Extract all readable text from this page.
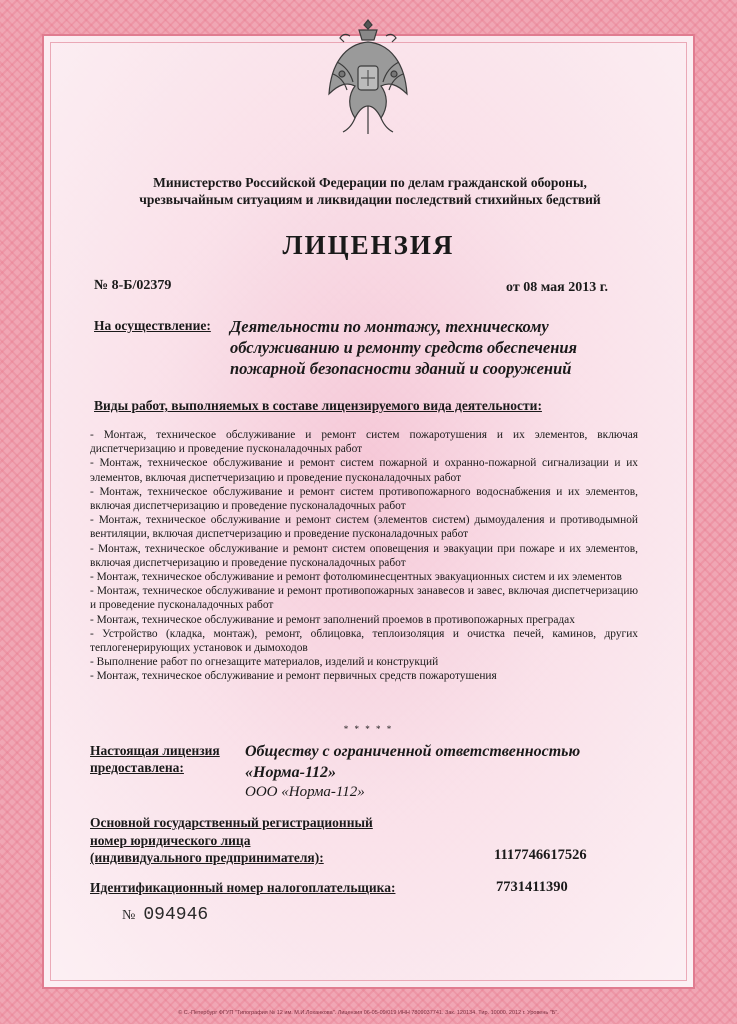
Министерство Российской Федерации по делам гражданской обороны,
чрезвычайным ситуациям и ликвидации последствий стихийных бедствий
ЛИЦЕНЗИЯ
№ 8-Б/02379	от 08 мая 2013 г.
На осуществление: Деятельности по монтажу, техническому обслуживанию и ремонту средств обеспечения пожарной безопасности зданий и сооружений
Виды работ, выполняемых в составе лицензируемого вида деятельности:
- Монтаж, техническое обслуживание и ремонт систем пожаротушения и их элементов, включая диспетчеризацию и проведение пусконаладочных работ
- Монтаж, техническое обслуживание и ремонт систем пожарной и охранно-пожарной сигнализации и их элементов, включая диспетчеризацию и проведение пусконаладочных работ
- Монтаж, техническое обслуживание и ремонт систем противопожарного водоснабжения и их элементов, включая диспетчеризацию и проведение пусконаладочных работ
- Монтаж, техническое обслуживание и ремонт систем (элементов систем) дымоудаления и противодымной вентиляции, включая диспетчеризацию и проведение пусконаладочных работ
- Монтаж, техническое обслуживание и ремонт систем оповещения и эвакуации при пожаре и их элементов, включая диспетчеризацию и проведение пусконаладочных работ
- Монтаж, техническое обслуживание и ремонт фотолюминесцентных эвакуационных систем и их элементов
- Монтаж, техническое обслуживание и ремонт противопожарных занавесов и завес, включая диспетчеризацию и проведение пусконаладочных работ
- Монтаж, техническое обслуживание и ремонт заполнений проемов в противопожарных преградах
- Устройство (кладка, монтаж), ремонт, облицовка, теплоизоляция и очистка печей, каминов, других теплогенерирующих установок и дымоходов
- Выполнение работ по огнезащите материалов, изделий и конструкций
- Монтаж, техническое обслуживание и ремонт первичных средств пожаротушения
* * * * *
Настоящая лицензия
предоставлена:
Обществу с ограниченной ответственностью
«Норма-112»
ООО «Норма-112»
Основной государственный регистрационный
номер юридического лица
(индивидуального предпринимателя):	1117746617526
Идентификационный номер налогоплательщика:	7731411390
№ 094946
© С.-Петербург ФГУП "Типография № 12 им. М.И.Лоханкова". Лицензия 06-05-09/019 ИНН 7809037741. Зак. 120134. Тир. 10000. 2012 г. Уровень "Б".
